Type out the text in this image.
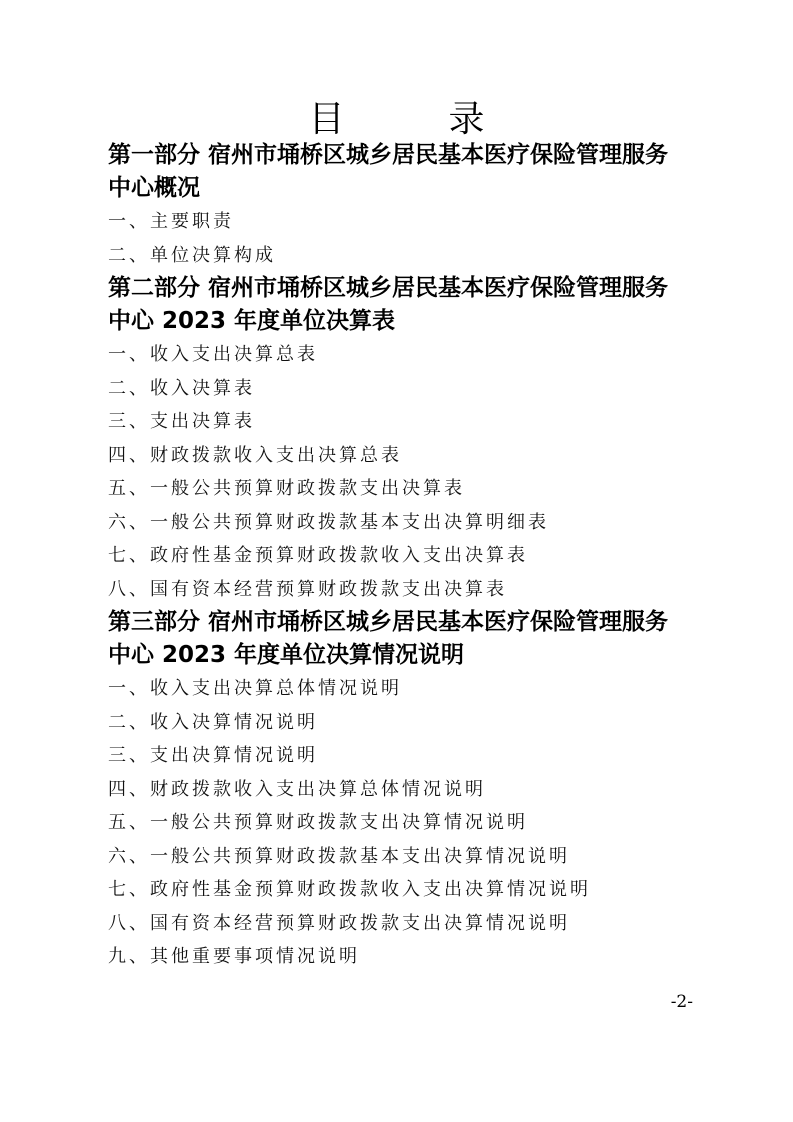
目　录
第一部分 宿州市埇桥区城乡居民基本医疗保险管理服务
中心概况
一、主要职责
二、单位决算构成
第二部分 宿州市埇桥区城乡居民基本医疗保险管理服务
中心 2023 年度单位决算表
一、收入支出决算总表
二、收入决算表
三、支出决算表
四、财政拨款收入支出决算总表
五、一般公共预算财政拨款支出决算表
六、一般公共预算财政拨款基本支出决算明细表
七、政府性基金预算财政拨款收入支出决算表
八、国有资本经营预算财政拨款支出决算表
第三部分 宿州市埇桥区城乡居民基本医疗保险管理服务
中心 2023 年度单位决算情况说明
一、收入支出决算总体情况说明
二、收入决算情况说明
三、支出决算情况说明
四、财政拨款收入支出决算总体情况说明
五、一般公共预算财政拨款支出决算情况说明
六、一般公共预算财政拨款基本支出决算情况说明
七、政府性基金预算财政拨款收入支出决算情况说明
八、国有资本经营预算财政拨款支出决算情况说明
九、其他重要事项情况说明
-2-
